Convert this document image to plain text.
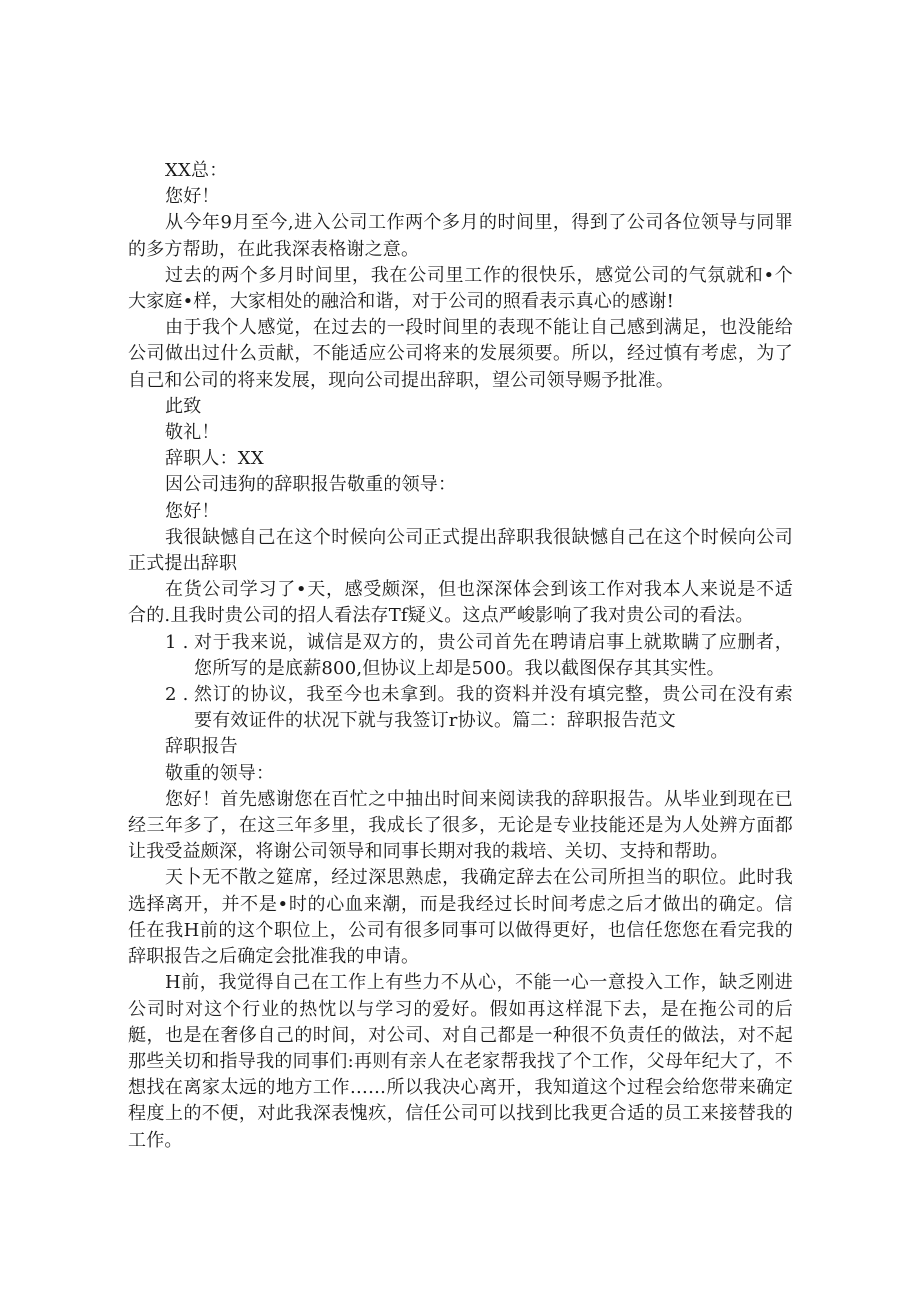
XX总：

您好！

从今年9月至今,进入公司工作两个多月的时间里，得到了公司各位领导与同罪的多方帮助，在此我深表格谢之意。

过去的两个多月时间里，我在公司里工作的很快乐，感觉公司的气氛就和•个大家庭•样，大家相处的融洽和谐，对于公司的照看表示真心的感谢!

由于我个人感觉，在过去的一段时间里的表现不能让自己感到满足，也没能给公司做出过什么贡献，不能适应公司将来的发展须要。所以，经过慎有考虑，为了自己和公司的将来发展，现向公司提出辞职，望公司领导赐予批准。

此致

敬礼！

辞职人：XX

因公司违狗的辞职报告敬重的领导：

您好！

我很缺憾自己在这个时候向公司正式提出辞职我很缺憾自己在这个时候向公司正式提出辞职

在货公司学习了•天，感受颇深，但也深深体会到该工作对我本人来说是不适合的.且我时贵公司的招人看法存Tf疑义。这点严峻影响了我对贵公司的看法。

1 . 对于我来说，诚信是双方的，贵公司首先在聘请启事上就欺瞒了应删者，您所写的是底薪800,但协议上却是500。我以截图保存其其实性。
2 . 然订的协议，我至今也未拿到。我的资料并没有填完整，贵公司在没有索要有效证件的状况下就与我签订r协议。篇二：辞职报告范文

辞职报告

敬重的领导：

您好！首先感谢您在百忙之中抽出时间来阅读我的辞职报告。从毕业到现在已经三年多了，在这三年多里，我成长了很多，无论是专业技能还是为人处辨方面都让我受益颇深，将谢公司领导和同事长期对我的栽培、关切、支持和帮助。

天卜无不散之筵席，经过深思熟虑，我确定辞去在公司所担当的职位。此时我选择离开，并不是•时的心血来潮，而是我经过长时间考虑之后才做出的确定。信任在我H前的这个职位上，公司有很多同事可以做得更好，也信任您您在看完我的辞职报告之后确定会批准我的申请。

H前，我觉得自己在工作上有些力不从心，不能一心一意投入工作，缺乏刚进公司时对这个行业的热忱以与学习的爱好。假如再这样混下去，是在拖公司的后艇，也是在奢侈自己的时间，对公司、对自己都是一种很不负责任的做法，对不起那些关切和指导我的同事们:再则有亲人在老家帮我找了个工作，父母年纪大了，不想找在离家太远的地方工作……所以我决心离开，我知道这个过程会给您带来确定程度上的不便，对此我深表愧疚，信任公司可以找到比我更合适的员工来接替我的工作。
